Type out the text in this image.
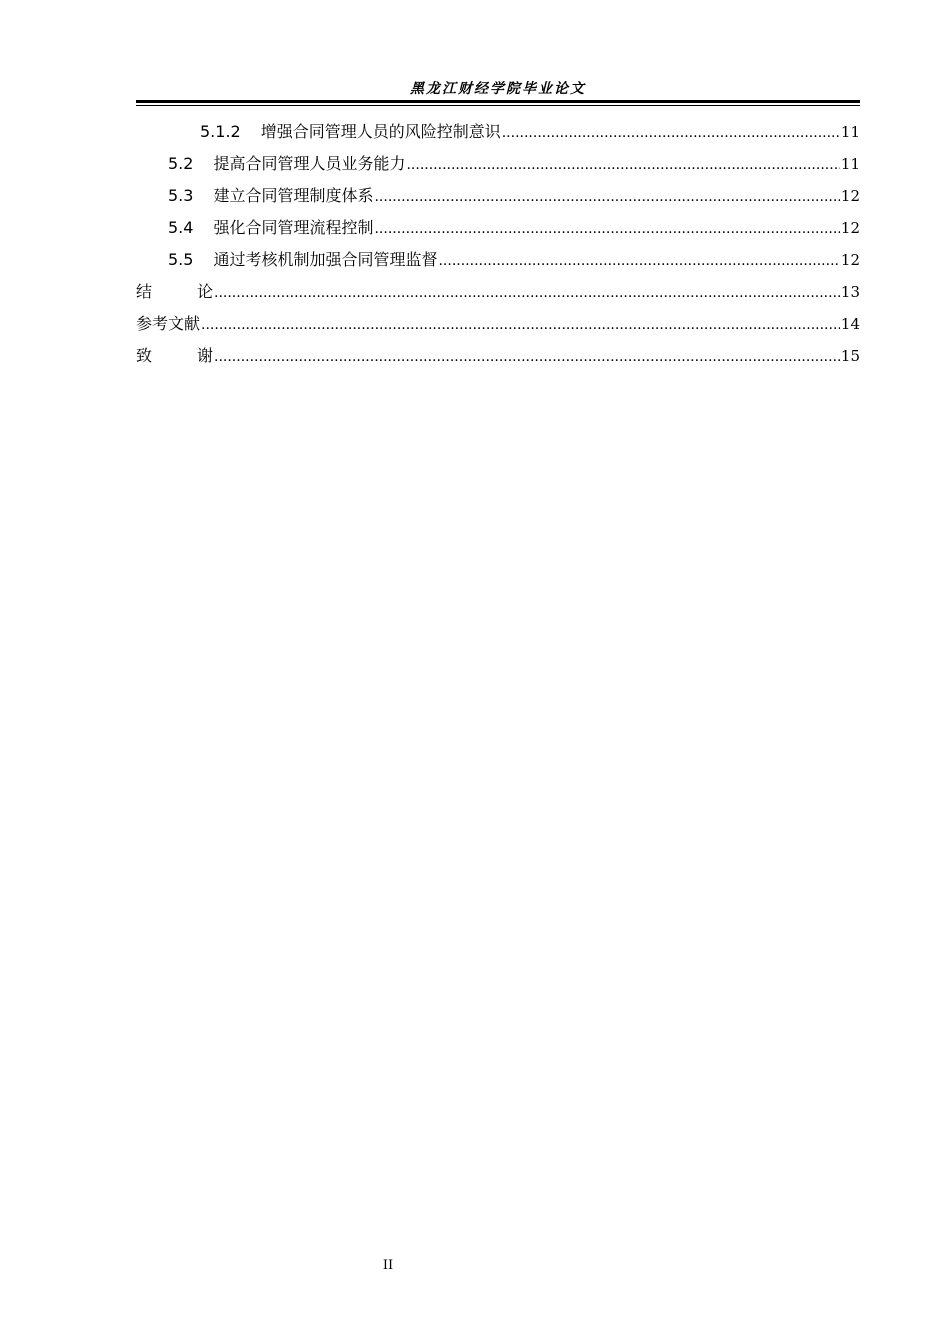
黑龙江财经学院毕业论文
5.1.2 增强合同管理人员的风险控制意识 .....	11
5.2 提高合同管理人员业务能力 .....	11
5.3 建立合同管理制度体系 .....	12
5.4 强化合同管理流程控制 .....	12
5.5 通过考核机制加强合同管理监督 .....	12
结论 .....	13
参考文献 .....	14
致谢 .....	15
II
